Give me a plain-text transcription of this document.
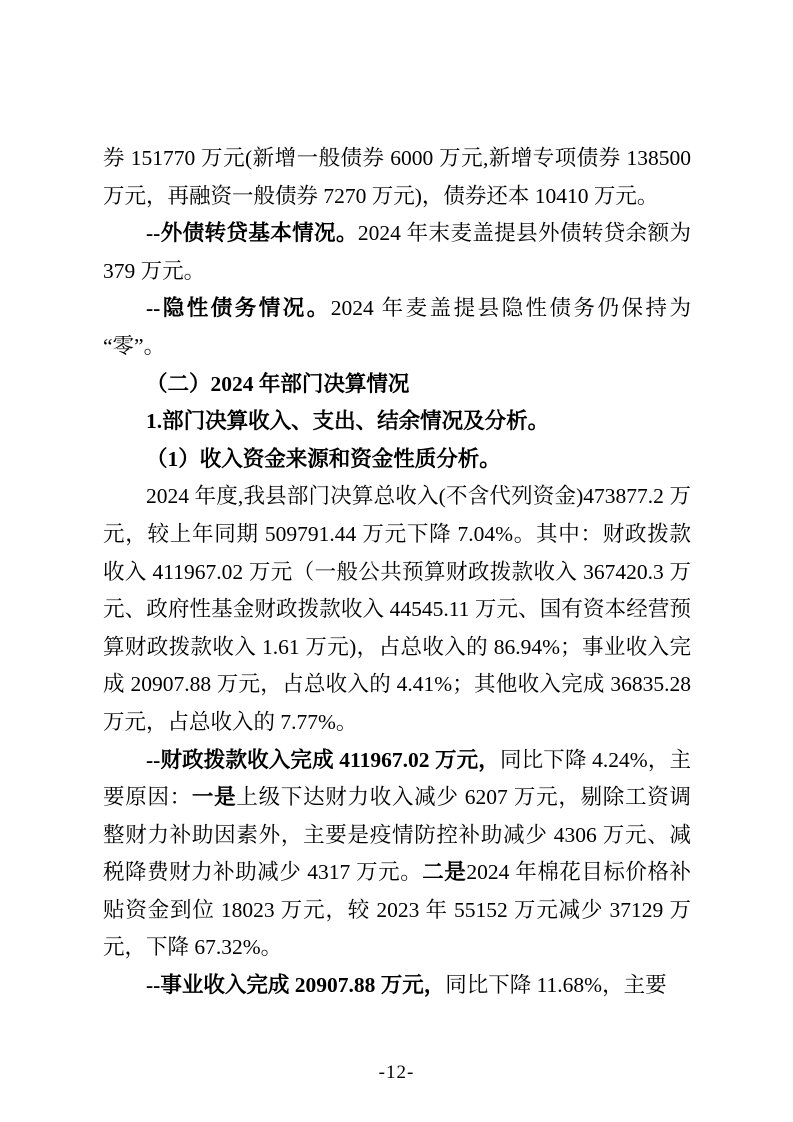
券 151770 万元(新增一般债券 6000 万元,新增专项债券 138500 万元，再融资一般债券 7270 万元)，债券还本 10410 万元。

--外债转贷基本情况。2024 年末麦盖提县外债转贷余额为 379 万元。

--隐性债务情况。2024 年麦盖提县隐性债务仍保持为“零”。

（二）2024 年部门决算情况

1.部门决算收入、支出、结余情况及分析。

（1）收入资金来源和资金性质分析。

2024 年度,我县部门决算总收入(不含代列资金)473877.2 万元，较上年同期 509791.44 万元下降 7.04%。其中：财政拨款收入 411967.02 万元（一般公共预算财政拨款收入 367420.3 万元、政府性基金财政拨款收入 44545.11 万元、国有资本经营预算财政拨款收入 1.61 万元)，占总收入的 86.94%；事业收入完成 20907.88 万元，占总收入的 4.41%；其他收入完成 36835.28 万元，占总收入的 7.77%。

--财政拨款收入完成 411967.02 万元，同比下降 4.24%，主要原因：一是上级下达财力收入减少 6207 万元，剔除工资调整财力补助因素外，主要是疫情防控补助减少 4306 万元、减税降费财力补助减少 4317 万元。二是2024 年棉花目标价格补贴资金到位 18023 万元，较 2023 年 55152 万元减少 37129 万元，下降 67.32%。

--事业收入完成 20907.88 万元，同比下降 11.68%，主要

-12-
